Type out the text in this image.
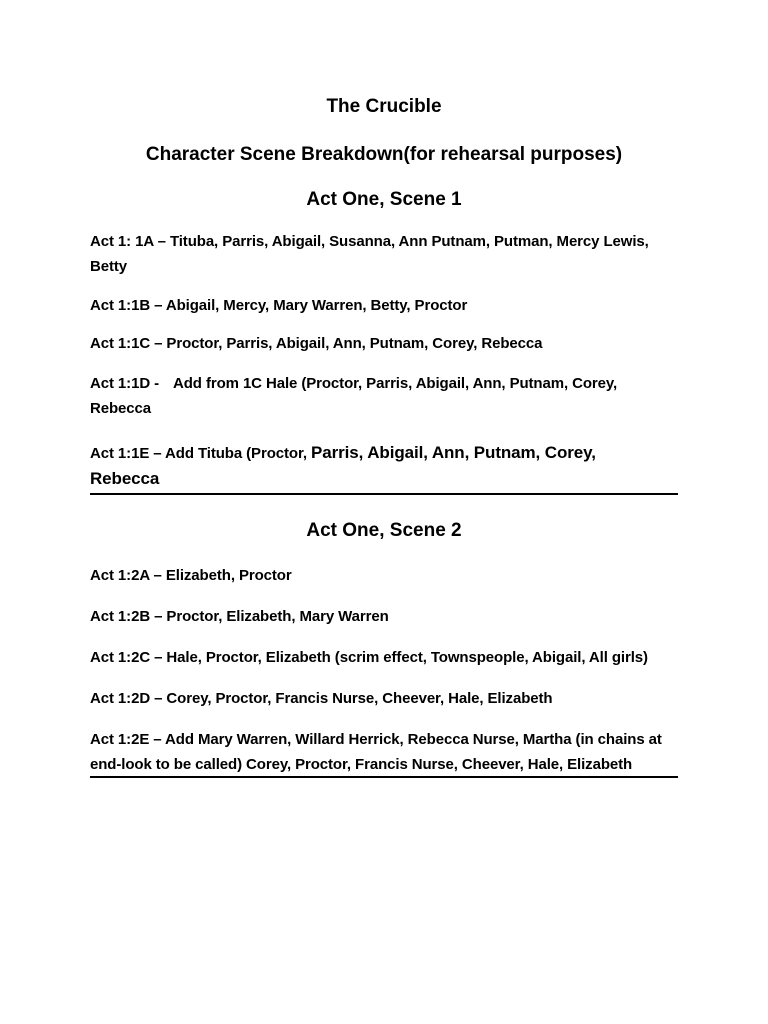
The Crucible
Character Scene Breakdown(for rehearsal purposes)
Act One, Scene 1

Act 1: 1A – Tituba, Parris, Abigail, Susanna, Ann Putnam, Putman, Mercy Lewis, Betty

Act 1:1B – Abigail, Mercy, Mary Warren, Betty, Proctor

Act 1:1C – Proctor, Parris, Abigail, Ann, Putnam, Corey, Rebecca

Act 1:1D - Add from 1C Hale (Proctor, Parris, Abigail, Ann, Putnam, Corey, Rebecca

Act 1:1E – Add Tituba (Proctor, Parris, Abigail, Ann, Putnam, Corey,
Rebecca

Act One, Scene 2

Act 1:2A – Elizabeth, Proctor

Act 1:2B – Proctor, Elizabeth, Mary Warren

Act 1:2C – Hale, Proctor, Elizabeth (scrim effect, Townspeople, Abigail, All girls)

Act 1:2D – Corey, Proctor, Francis Nurse, Cheever, Hale, Elizabeth

Act 1:2E – Add Mary Warren, Willard Herrick, Rebecca Nurse, Martha (in chains at end-look to be called) Corey, Proctor, Francis Nurse, Cheever, Hale, Elizabeth
